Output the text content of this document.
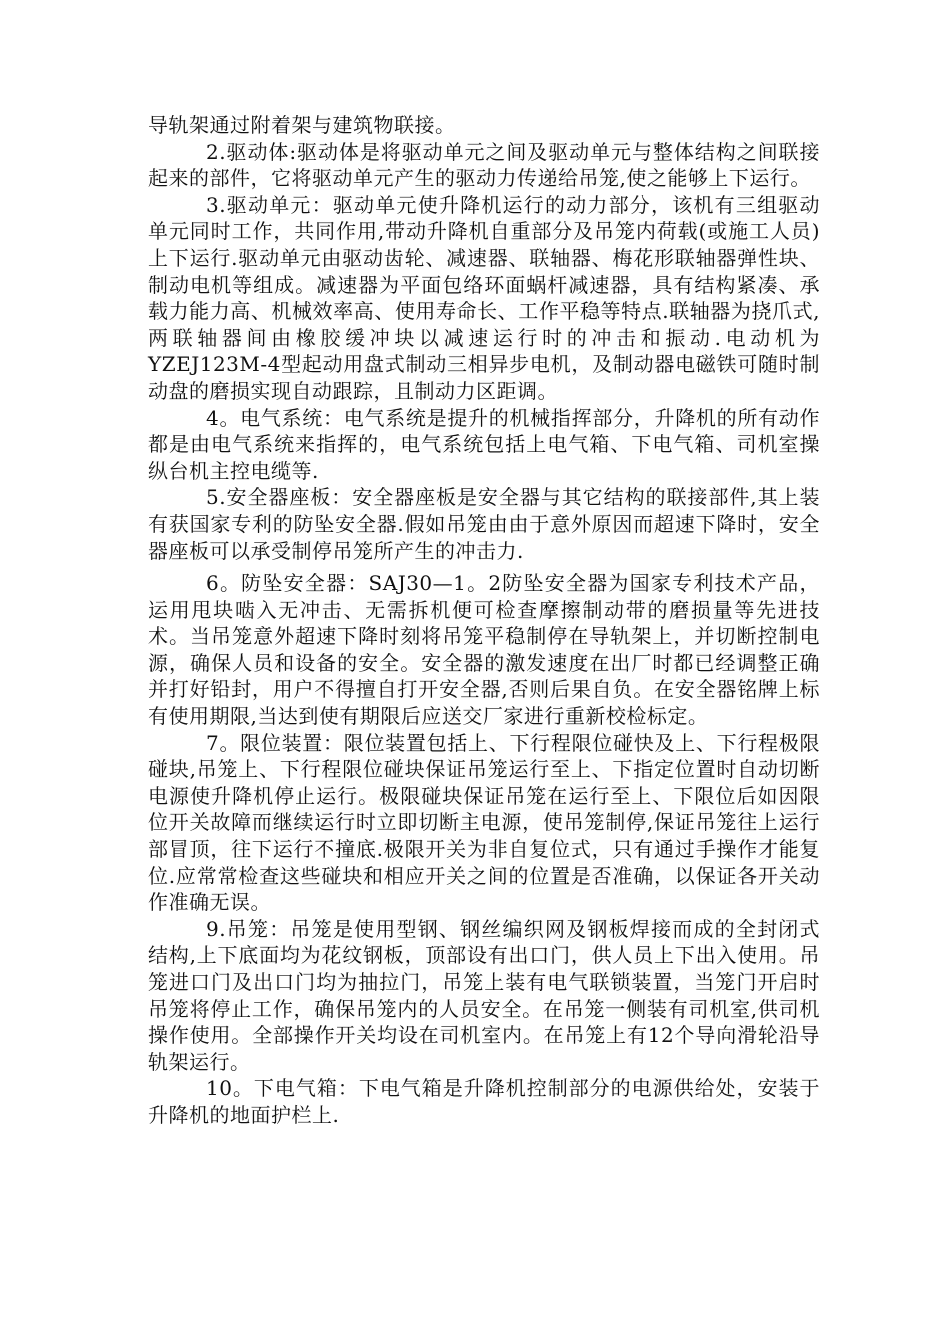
导轨架通过附着架与建筑物联接。

2.驱动体:驱动体是将驱动单元之间及驱动单元与整体结构之间联接起来的部件，它将驱动单元产生的驱动力传递给吊笼,使之能够上下运行。

3.驱动单元：驱动单元使升降机运行的动力部分，该机有三组驱动单元同时工作，共同作用,带动升降机自重部分及吊笼内荷载(或施工人员)上下运行.驱动单元由驱动齿轮、减速器、联轴器、梅花形联轴器弹性块、制动电机等组成。减速器为平面包络环面蜗杆减速器，具有结构紧凑、承载力能力高、机械效率高、使用寿命长、工作平稳等特点.联轴器为挠爪式,两联轴器间由橡胶缓冲块以减速运行时的冲击和振动.电动机为YZEJ123M-4型起动用盘式制动三相异步电机，及制动器电磁铁可随时制动盘的磨损实现自动跟踪，且制动力区距调。

4。电气系统：电气系统是提升的机械指挥部分，升降机的所有动作都是由电气系统来指挥的，电气系统包括上电气箱、下电气箱、司机室操纵台机主控电缆等.

5.安全器座板：安全器座板是安全器与其它结构的联接部件,其上装有获国家专利的防坠安全器.假如吊笼由由于意外原因而超速下降时，安全器座板可以承受制停吊笼所产生的冲击力.

6。防坠安全器：SAJ30—1。2防坠安全器为国家专利技术产品，运用甩块啮入无冲击、无需拆机便可检查摩擦制动带的磨损量等先进技术。当吊笼意外超速下降时刻将吊笼平稳制停在导轨架上，并切断控制电源，确保人员和设备的安全。安全器的激发速度在出厂时都已经调整正确并打好铅封，用户不得擅自打开安全器,否则后果自负。在安全器铭牌上标有使用期限,当达到使有期限后应送交厂家进行重新校检标定。

7。限位装置：限位装置包括上、下行程限位碰快及上、下行程极限碰块,吊笼上、下行程限位碰块保证吊笼运行至上、下指定位置时自动切断电源使升降机停止运行。极限碰块保证吊笼在运行至上、下限位后如因限位开关故障而继续运行时立即切断主电源，使吊笼制停,保证吊笼往上运行部冒顶，往下运行不撞底.极限开关为非自复位式，只有通过手操作才能复位.应常常检查这些碰块和相应开关之间的位置是否准确，以保证各开关动作准确无误。

9.吊笼：吊笼是使用型钢、钢丝编织网及钢板焊接而成的全封闭式结构,上下底面均为花纹钢板，顶部设有出口门，供人员上下出入使用。吊笼进口门及出口门均为抽拉门，吊笼上装有电气联锁装置，当笼门开启时吊笼将停止工作，确保吊笼内的人员安全。在吊笼一侧装有司机室,供司机操作使用。全部操作开关均设在司机室内。在吊笼上有12个导向滑轮沿导轨架运行。

10。下电气箱：下电气箱是升降机控制部分的电源供给处，安装于升降机的地面护栏上.
